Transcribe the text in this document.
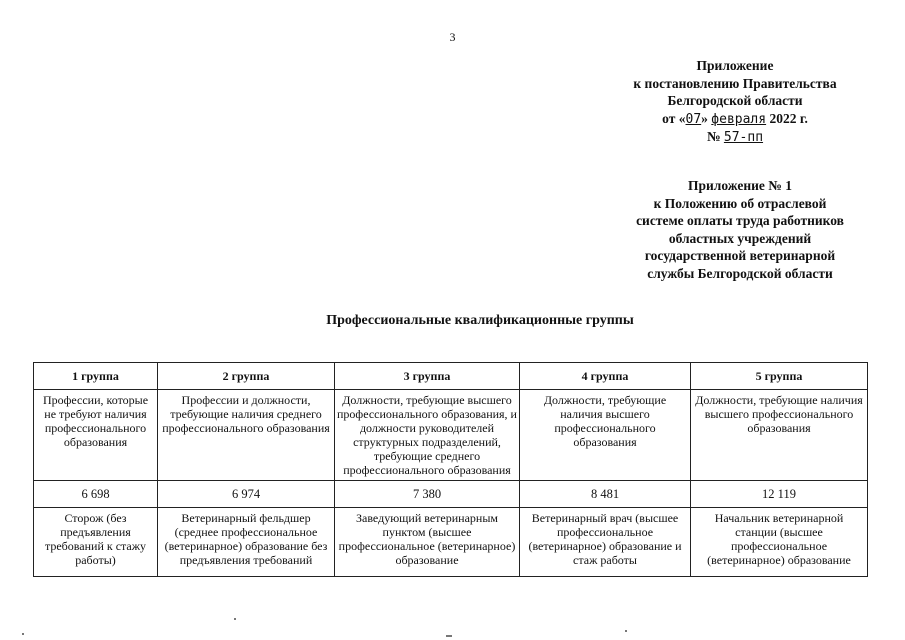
3
Приложение
к постановлению Правительства
Белгородской области
от «07» февраля 2022 г.
№ 57-пп
Приложение № 1
к Положению об отраслевой
системе оплаты труда работников
областных учреждений
государственной ветеринарной
службы Белгородской области
Профессиональные квалификационные группы
1 группа	2 группа	3 группа	4 группа	5 группа
Профессии, которые не требуют наличия профессионального образования	Профессии и должности, требующие наличия среднего профессионального образования	Должности, требующие высшего профессионального образования, и должности руководителей структурных подразделений, требующие среднего профессионального образования	Должности, требующие наличия высшего профессионального образования	Должности, требующие наличия высшего профессионального образования
6 698	6 974	7 380	8 481	12 119
Сторож (без предъявления требований к стажу работы)	Ветеринарный фельдшер (среднее профессиональное (ветеринарное) образование без предъявления требований	Заведующий ветеринарным пунктом (высшее профессиональное (ветеринарное) образование	Ветеринарный врач (высшее профессиональное (ветеринарное) образование и стаж работы	Начальник ветеринарной станции (высшее профессиональное (ветеринарное) образование
